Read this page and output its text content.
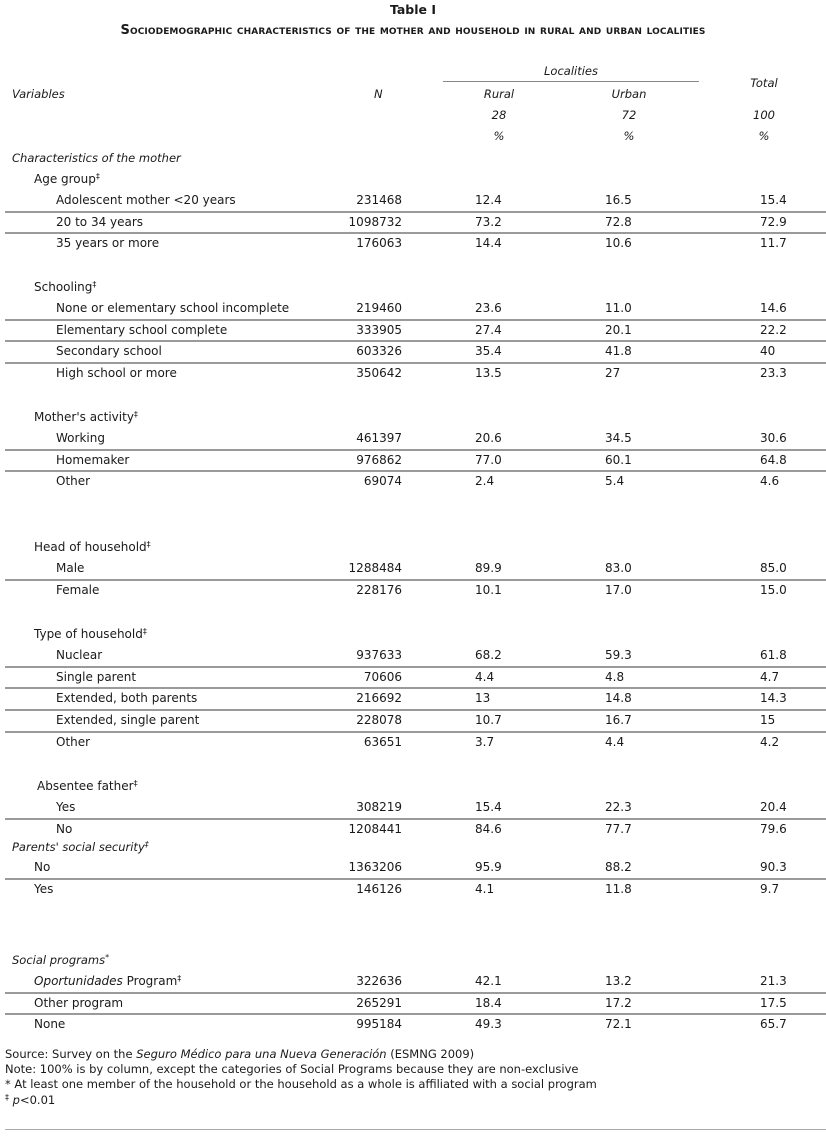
Table I
Sociodemographic characteristics of the mother and household in rural and urban localities
Variables	N
Localities
Rural	Urban
Total
28	72	100
%	%	%
Characteristics of the mother
Age group‡
Adolescent mother <20 years	231468	12.4	16.5	15.4
20 to 34 years	1098732	73.2	72.8	72.9
35 years or more	176063	14.4	10.6	11.7
Schooling‡
None or elementary school incomplete	219460	23.6	11.0	14.6
Elementary school complete	333905	27.4	20.1	22.2
Secondary school	603326	35.4	41.8	40
High school or more	350642	13.5	27	23.3
Mother's activity‡
Working	461397	20.6	34.5	30.6
Homemaker	976862	77.0	60.1	64.8
Other	69074	2.4	5.4	4.6
Head of household‡
Male	1288484	89.9	83.0	85.0
Female	228176	10.1	17.0	15.0
Type of household‡
Nuclear	937633	68.2	59.3	61.8
Single parent	70606	4.4	4.8	4.7
Extended, both parents	216692	13	14.8	14.3
Extended, single parent	228078	10.7	16.7	15
Other	63651	3.7	4.4	4.2
Absentee father‡
Yes	308219	15.4	22.3	20.4
No	1208441	84.6	77.7	79.6
Parents' social security‡
No	1363206	95.9	88.2	90.3
Yes	146126	4.1	11.8	9.7
Social programs*
Oportunidades Program‡	322636	42.1	13.2	21.3
Other program	265291	18.4	17.2	17.5
None	995184	49.3	72.1	65.7
Source: Survey on the Seguro Médico para una Nueva Generación (ESMNG 2009)
Note: 100% is by column, except the categories of Social Programs because they are non-exclusive
* At least one member of the household or the household as a whole is affiliated with a social program
‡ p<0.01
